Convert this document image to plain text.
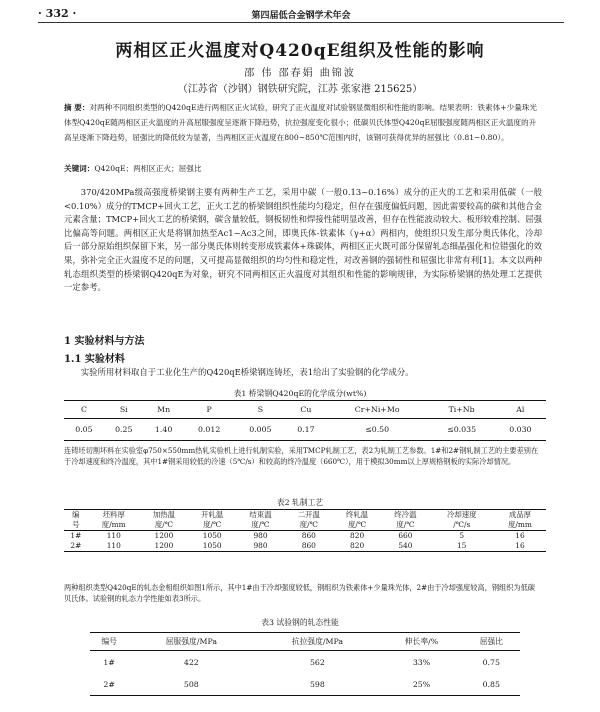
· 332 ·	第四届低合金钢学术年会
两相区正火温度对Q420qE组织及性能的影响
邵 伟 邵春娟 曲锦波
（江苏省（沙钢）钢铁研究院，江苏 张家港 215625）
摘 要：对两种不同组织类型的Q420qE进行两相区正火试验，研究了正火温度对试验钢显微组织和性能的影响。结果表明：铁素体+少量珠光体型Q420qE随两相区正火温度的升高屈服强度呈逐渐下降趋势，抗拉强度变化很小；低碳贝氏体型Q420qE屈服强度随两相区正火温度的升高呈逐渐下降趋势，屈强比的降低较为显著，当两相区正火温度在800~850℃范围内时，该钢可获得优异的屈强比（0.81~0.80）。
关键词：Q420qE；两相区正火；屈强比
370/420MPa级高强度桥梁钢主要有两种生产工艺，采用中碳（一般0.13~0.16%）成分的正火的工艺和采用低碳（一般<0.10%）成分的TMCP+回火工艺，正火工艺的桥梁钢组织性能均匀稳定，但存在强度偏低问题，因此需要较高的碳和其他合金元素含量；TMCP+回火工艺的桥梁钢，碳含量较低，钢板韧性和焊接性能明显改善，但存在性能波动较大、板形较难控制、屈强比偏高等问题。两相区正火是将钢加热至Ac1~Ac3之间，即奥氏体-铁素体（γ+α）两相内，使组织只发生部分奥氏体化，冷却后一部分原始组织保留下来，另一部分奥氏体则转变形成铁素体+珠碳体，两相区正火既可部分保留轧态细晶强化和位错强化的效果，弥补完全正火温度不足的问题，又可提高显微组织的均匀性和稳定性，对改善钢的强韧性和屈强比非常有利[1]。本文以两种轧态组织类型的桥梁钢Q420qE为对象，研究不同两相区正火温度对其组织和性能的影响规律，为实际桥梁钢的热处理工艺提供一定参考。
1 实验材料与方法
1.1 实验材料
实验所用材料取自于工业化生产的Q420qE桥梁钢连铸坯，表1给出了实验钢的化学成分。
表1 桥梁钢Q420qE的化学成分(wt%)
C	Si	Mn	P	S	Cu	Cr+Ni+Mo	Ti+Nb	Al
0.05	0.25	1.40	0.012	0.005	0.17	≤0.50	≤0.035	0.030
连铸坯切割坏料在实验室φ750×550mm热轧实验机上进行轧制实验，采用TMCP轧制工艺，表2为轧制工艺参数。1#和2#钢轧制工艺的主要差别在于冷却速度和终冷温度，其中1#钢采用较低的冷速（5℃/s）和较高的终冷温度（660℃），用于模拟30mm以上厚规格钢板的实际冷却情况。
表2 轧制工艺
编	坯料厚	加热温	开轧温	结束温	二开温	终轧温	终冷温	冷却速度	成品厚
号	度/mm	度/℃	度/℃	度/℃	度/℃	度/℃	度/℃	/℃/s	度/mm
1#	110	1200	1050	980	860	820	660	5	16
2#	110	1200	1050	980	860	820	540	15	16
两种组织类型Q420qE的轧态金相组织如图1所示，其中1#由于冷却强度较低，钢组织为铁素体+少量珠光体，2#由于冷却强度较高，钢组织为低碳贝氏体。试验钢的轧态力学性能如表3所示。
表3 试验钢的轧态性能
编号	屈服强度/MPa	抗拉强度/MPa	伸长率/%	屈强比
1#	422	562	33%	0.75
2#	508	598	25%	0.85
